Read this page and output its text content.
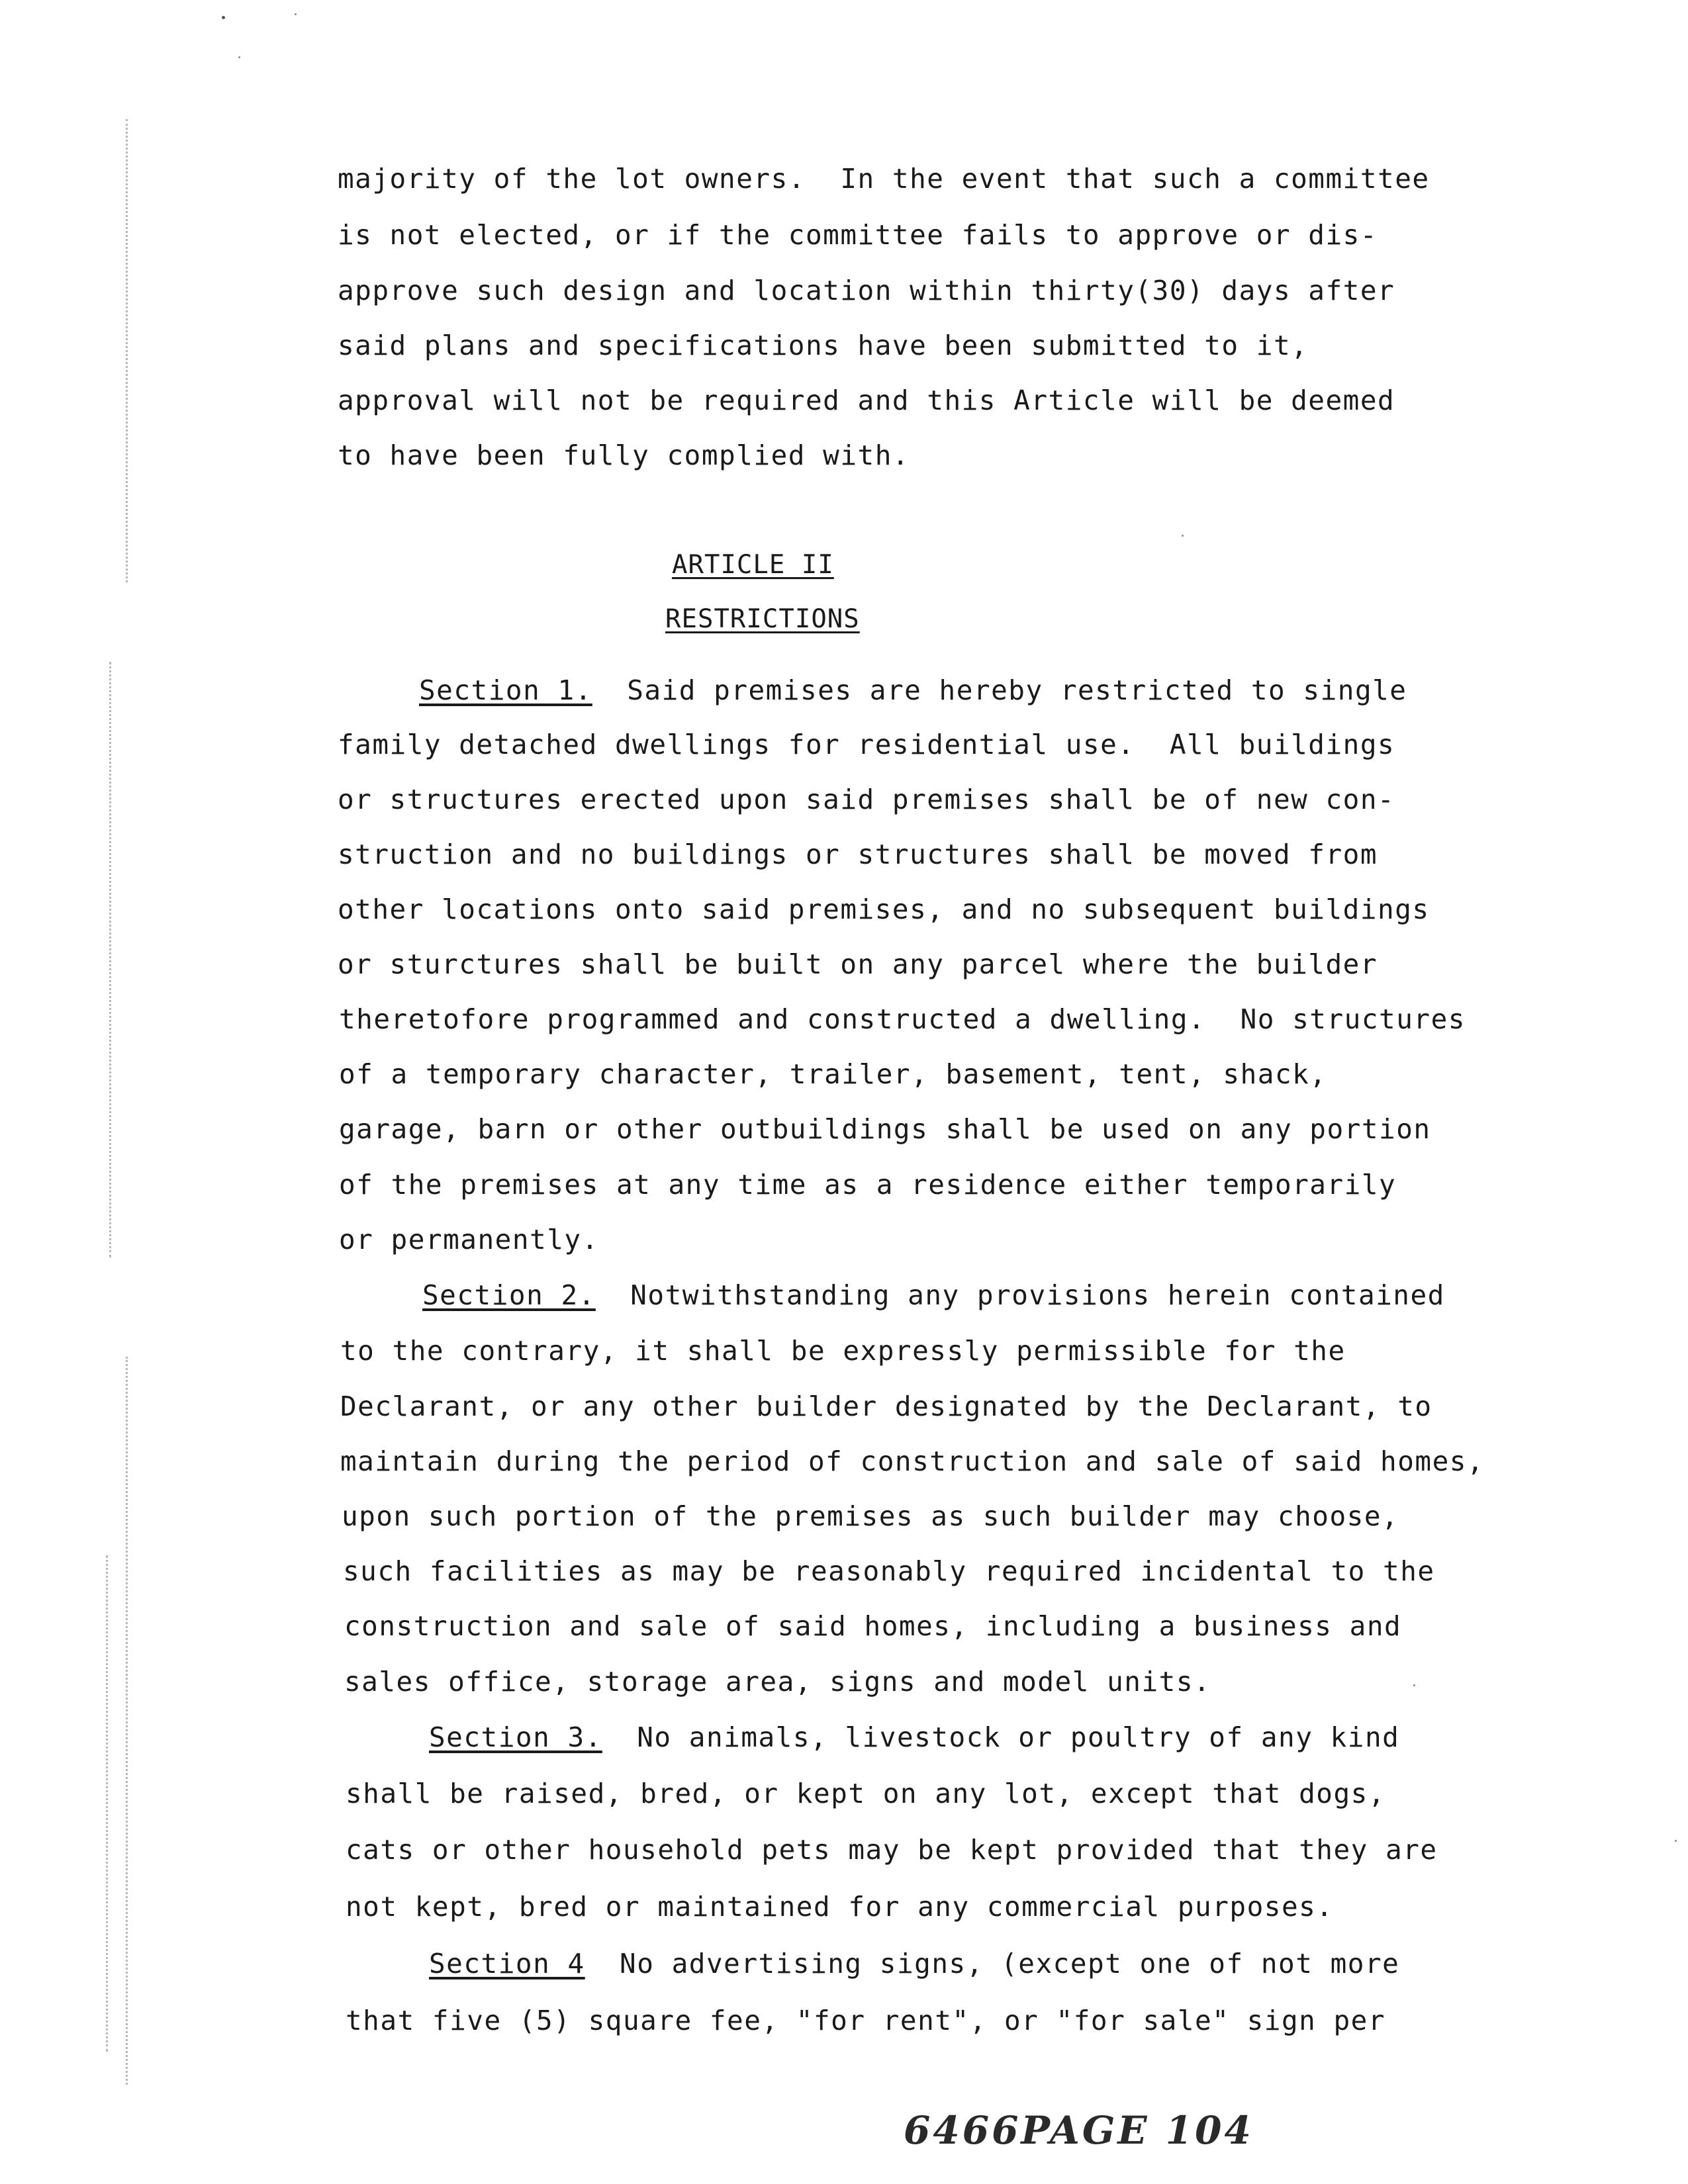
majority of the lot owners.  In the event that such a committee
is not elected, or if the committee fails to approve or dis-
approve such design and location within thirty(30) days after
said plans and specifications have been submitted to it,
approval will not be required and this Article will be deemed
to have been fully complied with.
ARTICLE II
RESTRICTIONS
Section 1.  Said premises are hereby restricted to single
family detached dwellings for residential use.  All buildings
or structures erected upon said premises shall be of new con-
struction and no buildings or structures shall be moved from
other locations onto said premises, and no subsequent buildings
or sturctures shall be built on any parcel where the builder
theretofore programmed and constructed a dwelling.  No structures
of a temporary character, trailer, basement, tent, shack,
garage, barn or other outbuildings shall be used on any portion
of the premises at any time as a residence either temporarily
or permanently.
Section 2.  Notwithstanding any provisions herein contained
to the contrary, it shall be expressly permissible for the
Declarant, or any other builder designated by the Declarant, to
maintain during the period of construction and sale of said homes,
upon such portion of the premises as such builder may choose,
such facilities as may be reasonably required incidental to the
construction and sale of said homes, including a business and
sales office, storage area, signs and model units.
Section 3.  No animals, livestock or poultry of any kind
shall be raised, bred, or kept on any lot, except that dogs,
cats or other household pets may be kept provided that they are
not kept, bred or maintained for any commercial purposes.
Section 4  No advertising signs, (except one of not more
that five (5) square fee, "for rent", or "for sale" sign per
6466PAGE 104
